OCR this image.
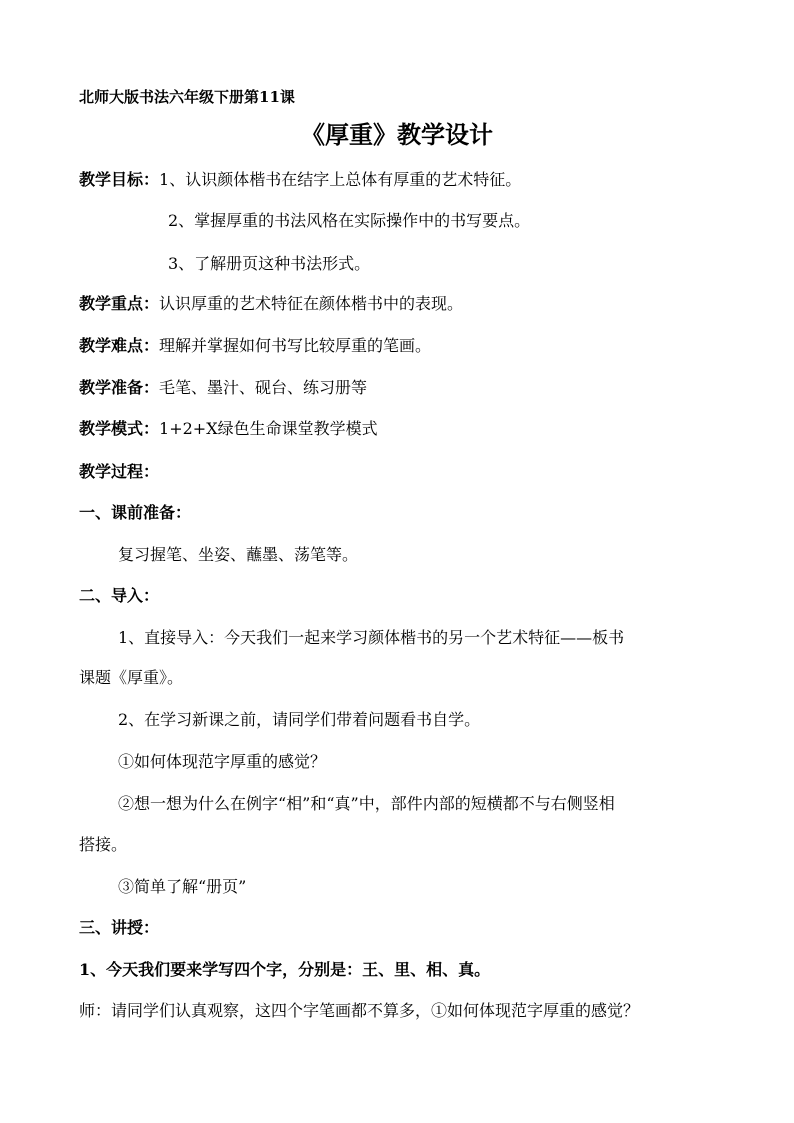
北师大版书法六年级下册第11课
《厚重》教学设计
教学目标：1、认识颜体楷书在结字上总体有厚重的艺术特征。
2、掌握厚重的书法风格在实际操作中的书写要点。
3、了解册页这种书法形式。
教学重点：认识厚重的艺术特征在颜体楷书中的表现。
教学难点：理解并掌握如何书写比较厚重的笔画。
教学准备：毛笔、墨汁、砚台、练习册等
教学模式：1+2+X绿色生命课堂教学模式
教学过程：
一、课前准备：
复习握笔、坐姿、蘸墨、荡笔等。
二、导入：
1、直接导入：今天我们一起来学习颜体楷书的另一个艺术特征——板书
课题《厚重》。
2、在学习新课之前，请同学们带着问题看书自学。
①如何体现范字厚重的感觉？
②想一想为什么在例字“相”和“真”中，部件内部的短横都不与右侧竖相
搭接。
③简单了解“册页”
三、讲授：
1、今天我们要来学写四个字，分别是：王、里、相、真。
师：请同学们认真观察，这四个字笔画都不算多，①如何体现范字厚重的感觉？
